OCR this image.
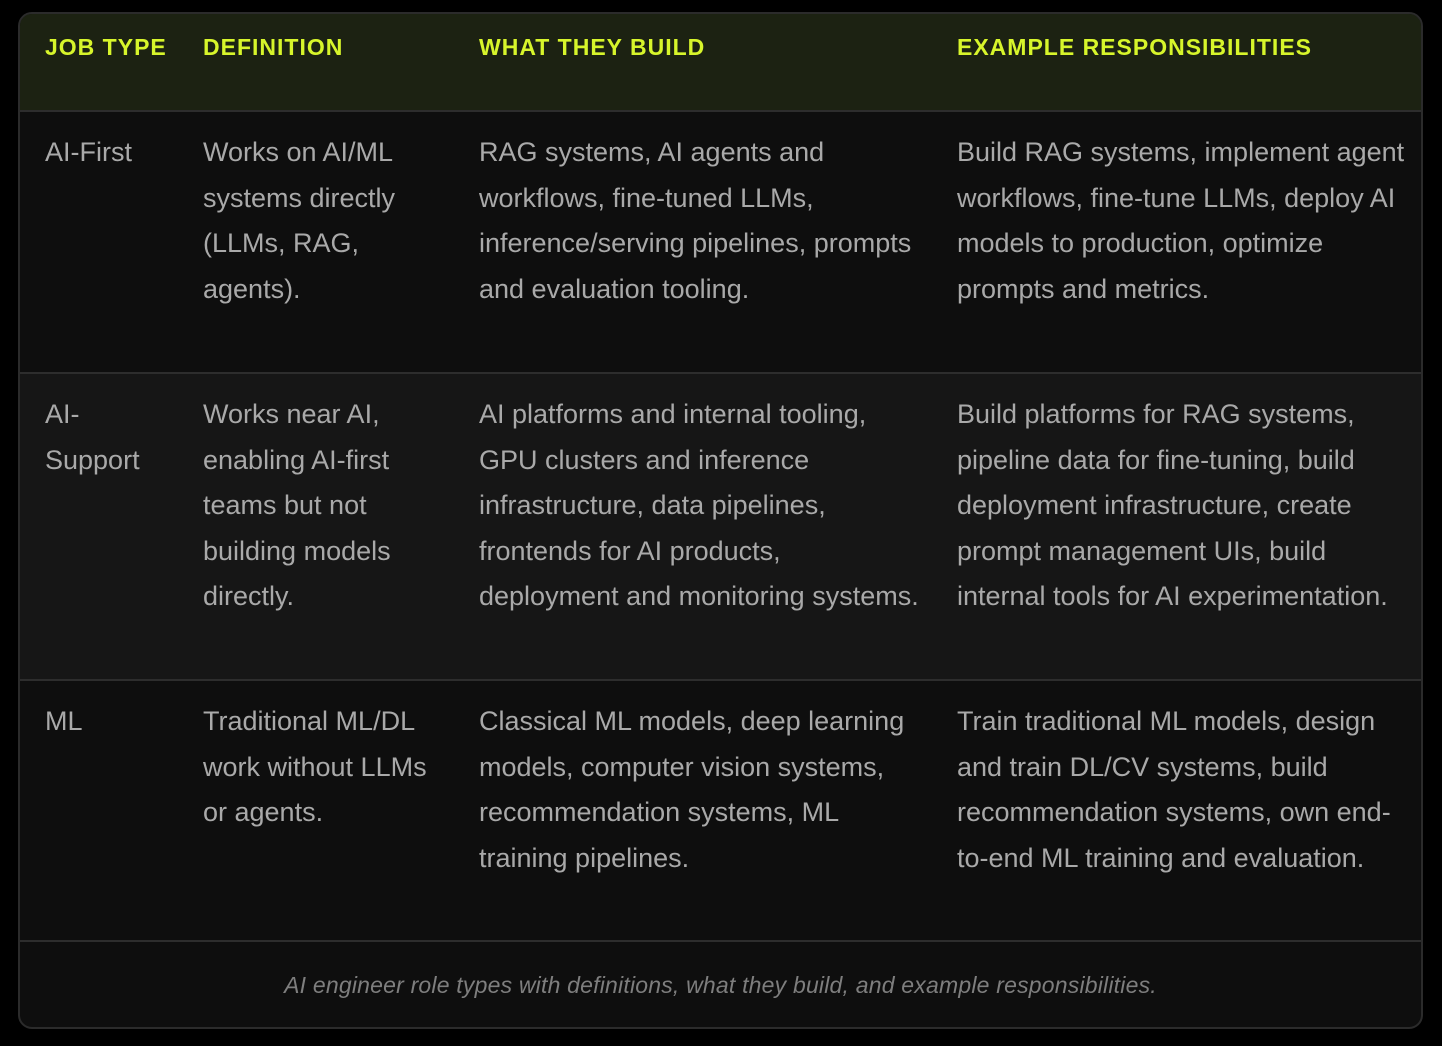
JOB TYPE	DEFINITION	WHAT THEY BUILD	EXAMPLE RESPONSIBILITIES
AI-First	Works on AI/ML systems directly (LLMs, RAG, agents).	RAG systems, AI agents and workflows, fine-tuned LLMs, inference/serving pipelines, prompts and evaluation tooling.	Build RAG systems, implement agent workflows, fine-tune LLMs, deploy AI models to production, optimize prompts and metrics.
AI-Support	Works near AI, enabling AI-first teams but not building models directly.	AI platforms and internal tooling, GPU clusters and inference infrastructure, data pipelines, frontends for AI products, deployment and monitoring systems.	Build platforms for RAG systems, pipeline data for fine-tuning, build deployment infrastructure, create prompt management UIs, build internal tools for AI experimentation.
ML	Traditional ML/DL work without LLMs or agents.	Classical ML models, deep learning models, computer vision systems, recommendation systems, ML training pipelines.	Train traditional ML models, design and train DL/CV systems, build recommendation systems, own end-to-end ML training and evaluation.
AI engineer role types with definitions, what they build, and example responsibilities.
